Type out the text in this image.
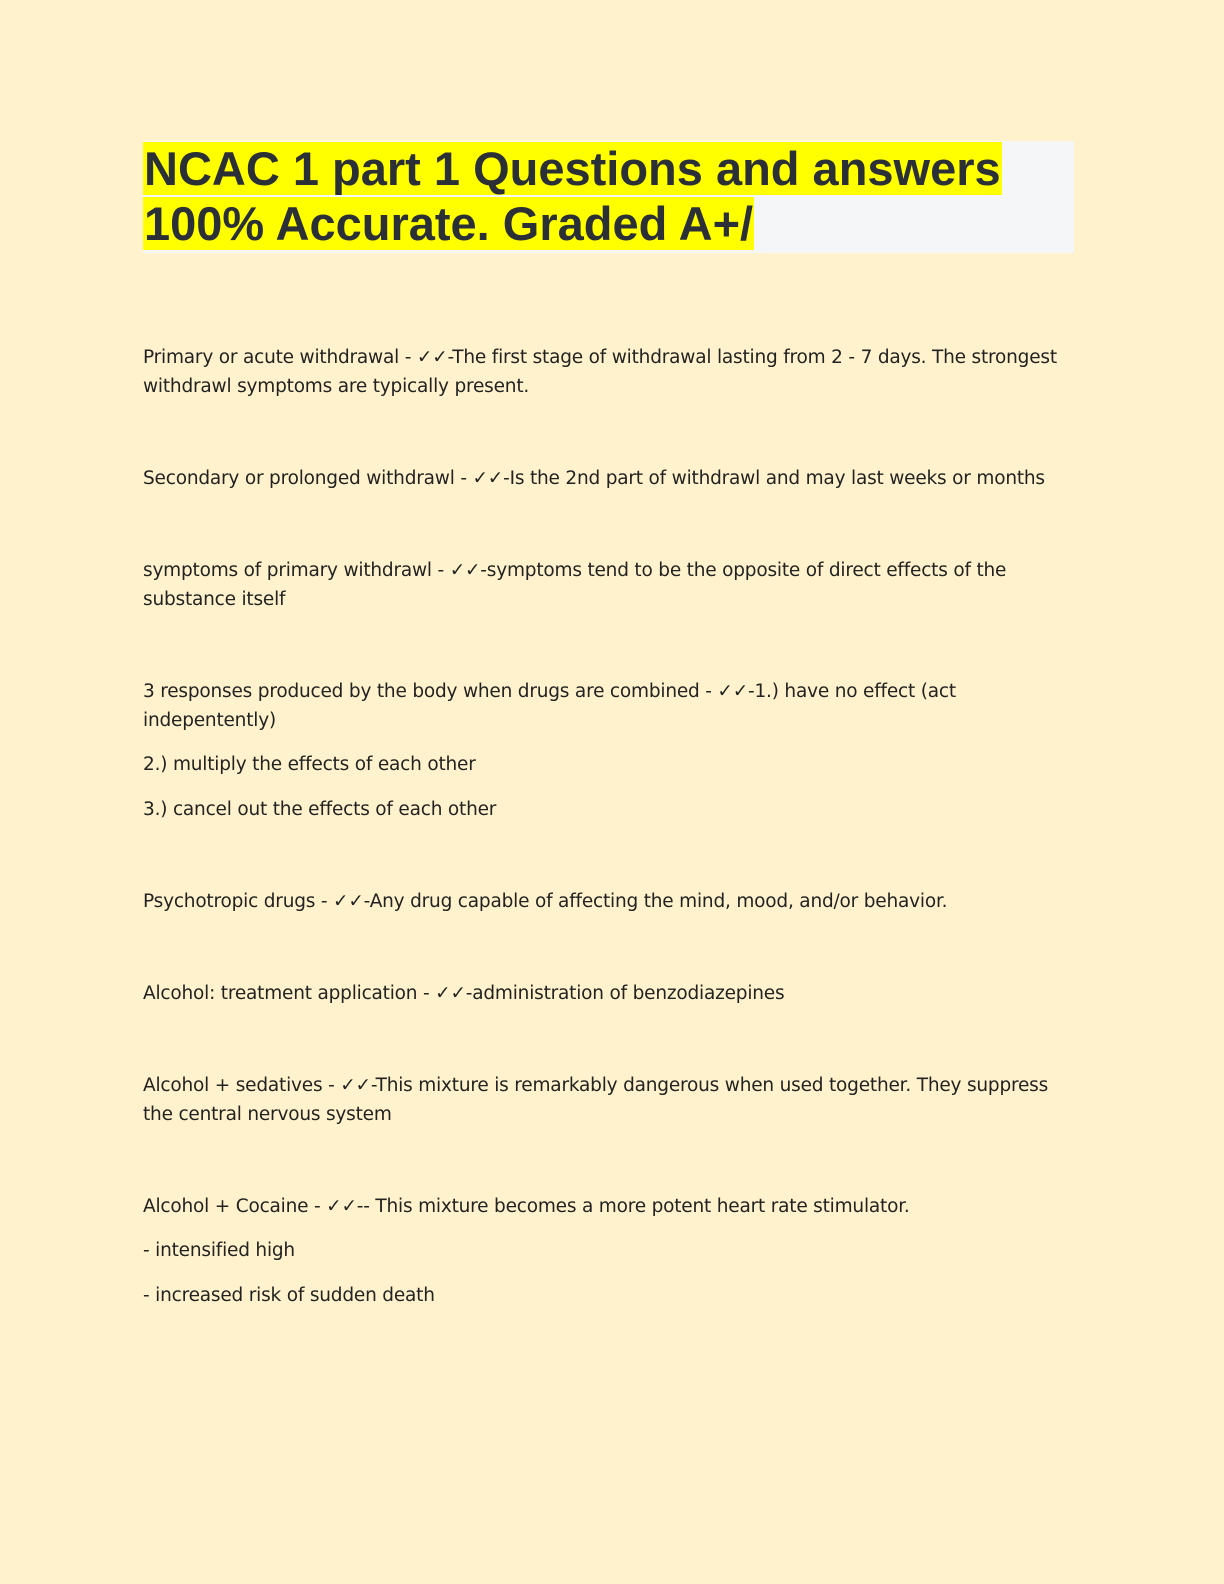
NCAC 1 part 1 Questions and answers
100% Accurate. Graded A+/

Primary or acute withdrawal - ✓✓-The first stage of withdrawal lasting from 2 - 7 days. The strongest withdrawl symptoms are typically present.

Secondary or prolonged withdrawl - ✓✓-Is the 2nd part of withdrawl and may last weeks or months

symptoms of primary withdrawl - ✓✓-symptoms tend to be the opposite of direct effects of the substance itself

3 responses produced by the body when drugs are combined - ✓✓-1.) have no effect (act indepentently)

2.) multiply the effects of each other

3.) cancel out the effects of each other

Psychotropic drugs - ✓✓-Any drug capable of affecting the mind, mood, and/or behavior.

Alcohol: treatment application - ✓✓-administration of benzodiazepines

Alcohol + sedatives - ✓✓-This mixture is remarkably dangerous when used together. They suppress the central nervous system

Alcohol + Cocaine - ✓✓-- This mixture becomes a more potent heart rate stimulator.

- intensified high

- increased risk of sudden death
